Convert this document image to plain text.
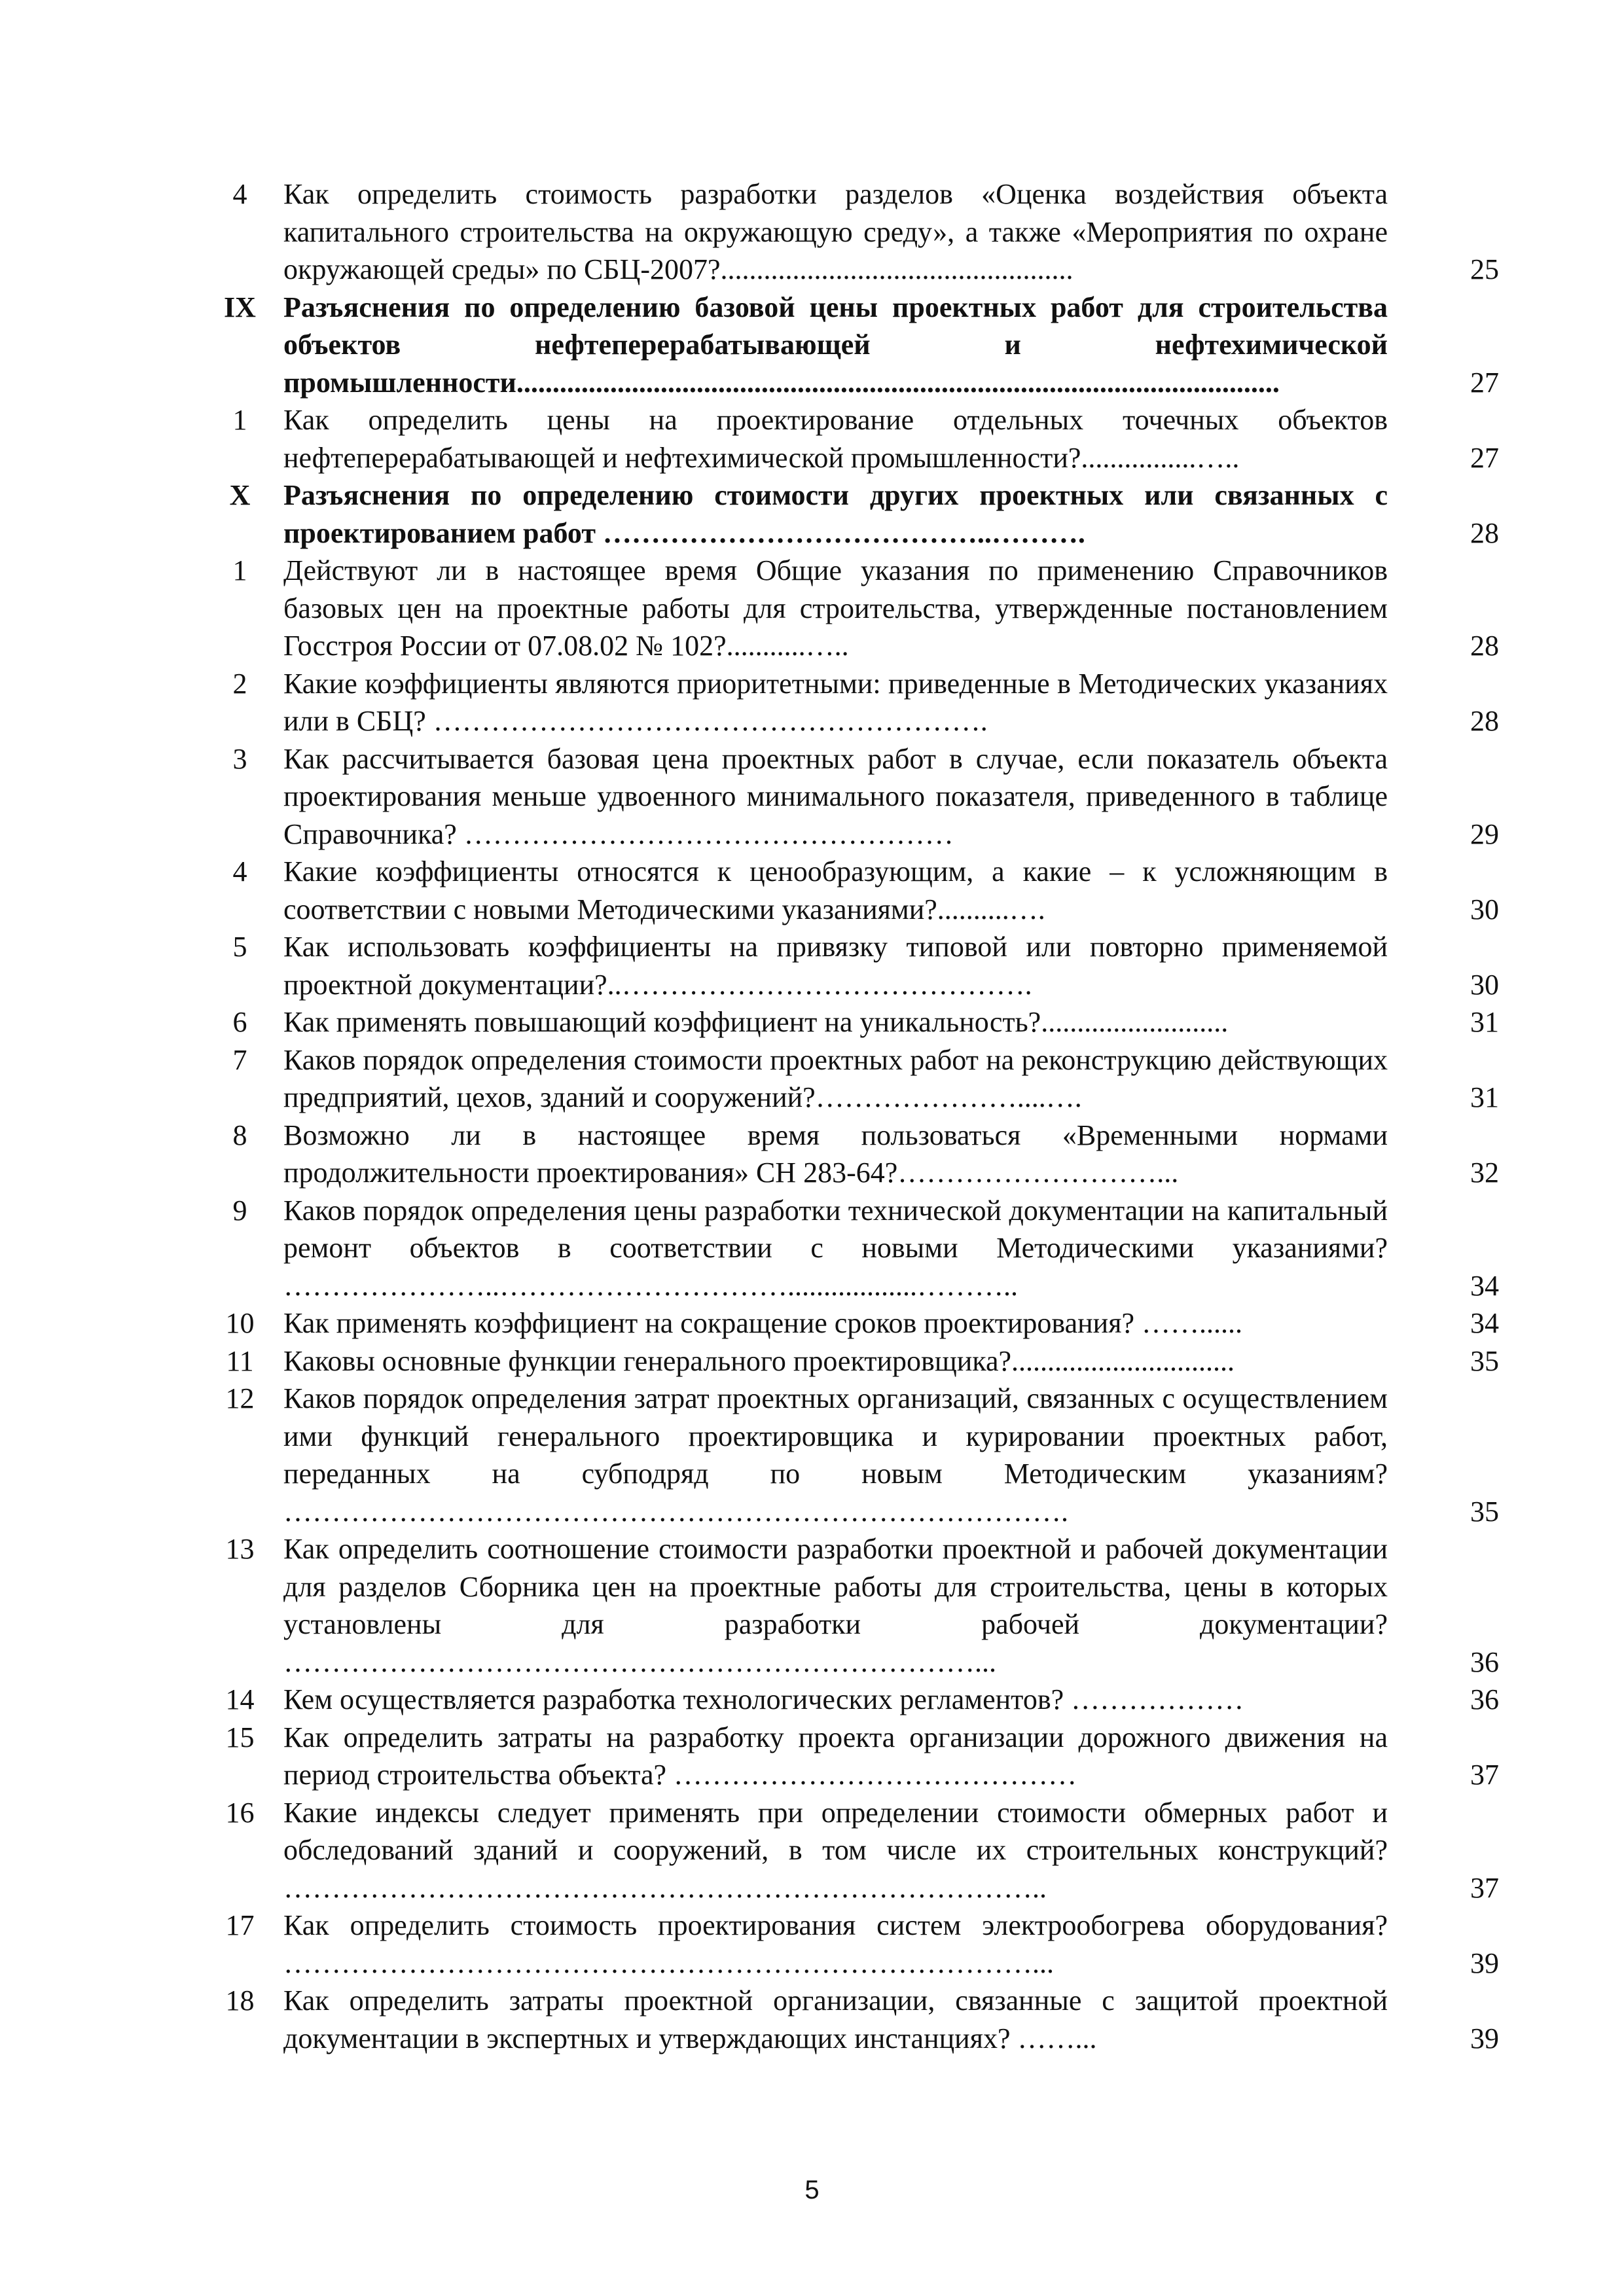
4	Как определить стоимость разработки разделов «Оценка воздействия объекта капитального строительства на окружающую среду», а также «Мероприятия по охране окружающей среды» по СБЦ-2007?.................................................	25
IX Разъяснения по определению базовой цены проектных работ для строительства объектов нефтеперерабатывающей и нефтехимической промышленности..........................................................................................................	27
1	Как определить цены на проектирование отдельных точечных объектов нефтеперерабатывающей и нефтехимической промышленности?................…..	27
X	Разъяснения по определению стоимости других проектных или связанных с проектированием работ …………………………………..……….	28
1	Действуют ли в настоящее время Общие указания по применению Справочников базовых цен на проектные работы для строительства, утвержденные постановлением Госстроя России от 07.08.02 № 102?...........…..	28
2	Какие коэффициенты являются приоритетными: приведенные в Методических указаниях или в СБЦ? ………………………………………………….	28
3	Как рассчитывается базовая цена проектных работ в случае, если показатель объекта проектирования меньше удвоенного минимального показателя, приведенного в таблице Справочника? ……………………………………………	29
4	Какие коэффициенты относятся к ценообразующим, а какие – к усложняющим в соответствии с новыми Методическими указаниями?..........….	30
5	Как использовать коэффициенты на привязку типовой или повторно применяемой проектной документации?..…………………………………….	30
6	Как применять повышающий коэффициент на уникальность?..........................	31
7	Каков порядок определения стоимости проектных работ на реконструкцию действующих предприятий, цехов, зданий и сооружений?…………………....….	31
8	Возможно ли в настоящее время пользоваться «Временными нормами продолжительности проектирования» СН 283-64?………………………...	32
9	Каков порядок определения цены разработки технической документации на капитальный ремонт объектов в соответствии с новыми Методическими указаниями? …………………..…………………………..................………..	34
10	Как применять коэффициент на сокращение сроков проектирования? ……......	34
11	Каковы основные функции генерального проектировщика?...............................	35
12	Каков порядок определения затрат проектных организаций, связанных с осуществлением ими функций генерального проектировщика и курировании проектных работ, переданных на субподряд по новым Методическим указаниям? ……………………………………………………………………….	35
13	Как определить соотношение стоимости разработки проектной и рабочей документации для разделов Сборника цен на проектные работы для строительства, цены в которых установлены для разработки рабочей документации? ………………………………………………………………...	36
14	Кем осуществляется разработка технологических регламентов? ………………	36
15	Как определить затраты на разработку проекта организации дорожного движения на период строительства объекта? ……………………………………	37
16	Какие индексы следует применять при определении стоимости обмерных работ и обследований зданий и сооружений, в том числе их строительных конструкций? ……………………………………………………………………..	37
17	Как определить стоимость проектирования систем электрообогрева оборудования? ……………………………………………………………………...	39
18	Как определить затраты проектной организации, связанные с защитой проектной документации в экспертных и утверждающих инстанциях? ……...	39
5
